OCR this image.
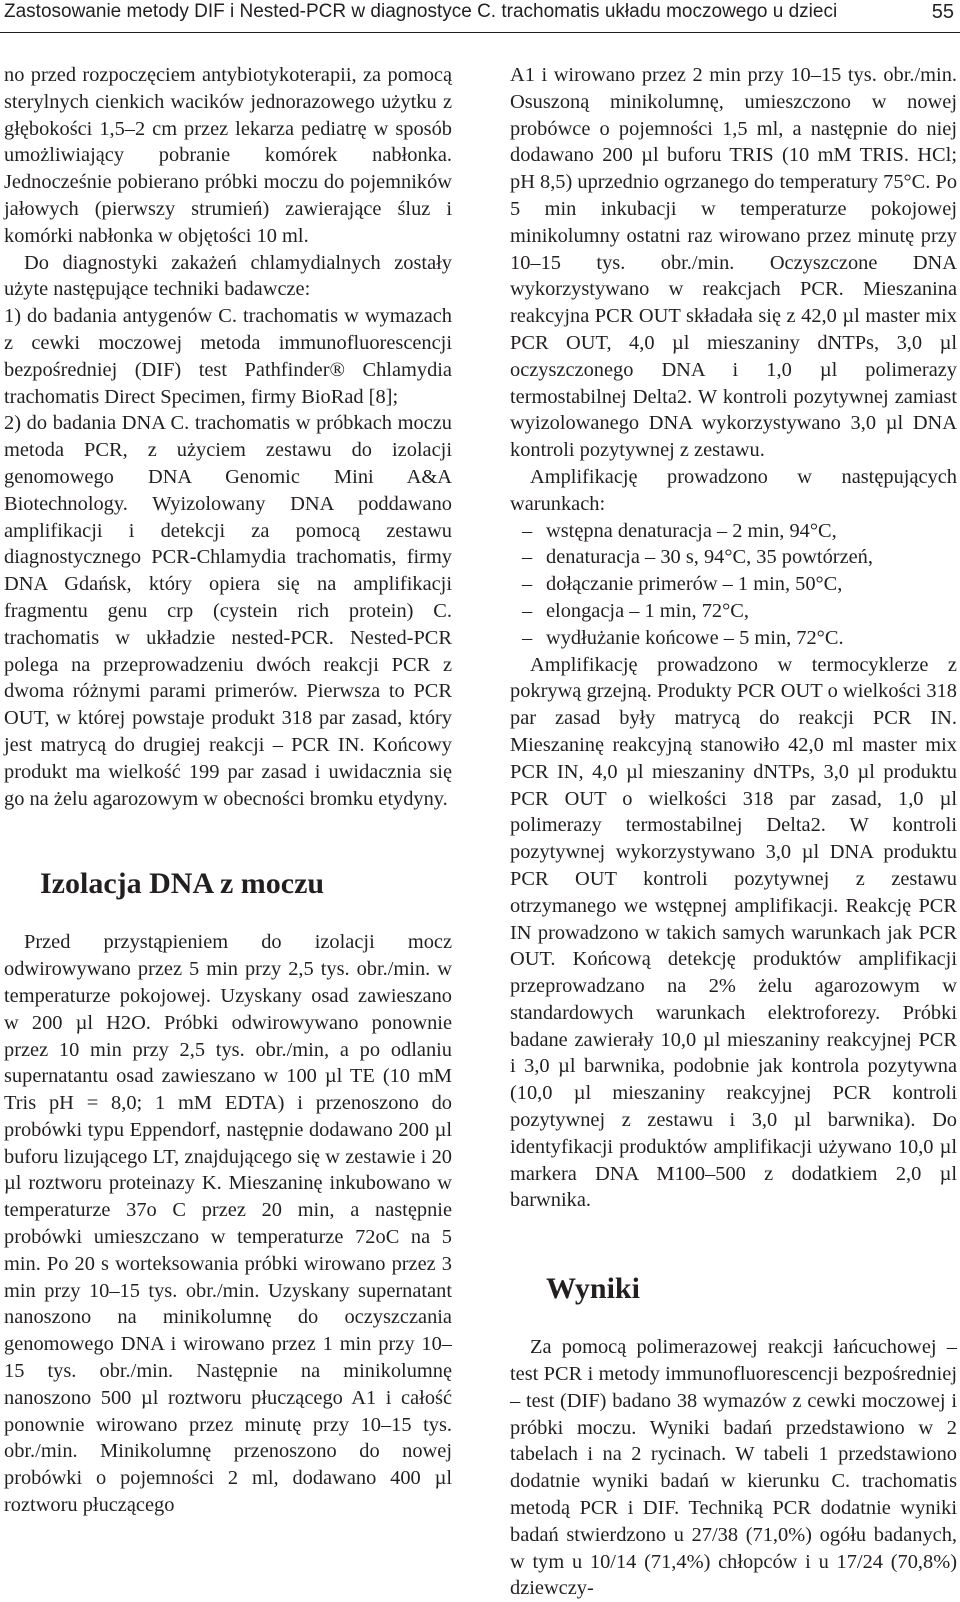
Zastosowanie metody DIF i Nested-PCR w diagnostyce C. trachomatis układu moczowego u dzieci	55

no przed rozpoczęciem antybiotykoterapii, za pomocą sterylnych cienkich wacików jednorazowego użytku z głębokości 1,5–2 cm przez lekarza pediatrę w sposób umożliwiający pobranie komórek nabłonka. Jednocześnie pobierano próbki moczu do pojemników jałowych (pierwszy strumień) zawierające śluz i komórki nabłonka w objętości 10 ml.

Do diagnostyki zakażeń chlamydialnych zostały użyte następujące techniki badawcze:

1) do badania antygenów C. trachomatis w wymazach z cewki moczowej metoda immunofluorescencji bezpośredniej (DIF) test Pathfinder® Chlamydia trachomatis Direct Specimen, firmy BioRad [8];

2) do badania DNA C. trachomatis w próbkach moczu metoda PCR, z użyciem zestawu do izolacji genomowego DNA Genomic Mini A&A Biotechnology. Wyizolowany DNA poddawano amplifikacji i detekcji za pomocą zestawu diagnostycznego PCR-Chlamydia trachomatis, firmy DNA Gdańsk, który opiera się na amplifikacji fragmentu genu crp (cystein rich protein) C. trachomatis w układzie nested-PCR. Nested-PCR polega na przeprowadzeniu dwóch reakcji PCR z dwoma różnymi parami primerów. Pierwsza to PCR OUT, w której powstaje produkt 318 par zasad, który jest matrycą do drugiej reakcji – PCR IN. Końcowy produkt ma wielkość 199 par zasad i uwidacznia się go na żelu agarozowym w obecności bromku etydyny.

Izolacja DNA z moczu

Przed przystąpieniem do izolacji mocz odwirowywano przez 5 min przy 2,5 tys. obr./min. w temperaturze pokojowej. Uzyskany osad zawieszano w 200 µl H2O. Próbki odwirowywano ponownie przez 10 min przy 2,5 tys. obr./min, a po odlaniu supernatantu osad zawieszano w 100 µl TE (10 mM Tris pH = 8,0; 1 mM EDTA) i przenoszono do probówki typu Eppendorf, następnie dodawano 200 µl buforu lizującego LT, znajdującego się w zestawie i 20 µl roztworu proteinazy K. Mieszaninę inkubowano w temperaturze 37o C przez 20 min, a następnie probówki umieszczano w temperaturze 72oC na 5 min. Po 20 s worteksowania próbki wirowano przez 3 min przy 10–15 tys. obr./min. Uzyskany supernatant nanoszono na minikolumnę do oczyszczania genomowego DNA i wirowano przez 1 min przy 10–15 tys. obr./min. Następnie na minikolumnę nanoszono 500 µl roztworu płuczącego A1 i całość ponownie wirowano przez minutę przy 10–15 tys. obr./min. Minikolumnę przenoszono do nowej probówki o pojemności 2 ml, dodawano 400 µl roztworu płuczącego

A1 i wirowano przez 2 min przy 10–15 tys. obr./min. Osuszoną minikolumnę, umieszczono w nowej probówce o pojemności 1,5 ml, a następnie do niej dodawano 200 µl buforu TRIS (10 mM TRIS. HCl; pH 8,5) uprzednio ogrzanego do temperatury 75°C. Po 5 min inkubacji w temperaturze pokojowej minikolumny ostatni raz wirowano przez minutę przy 10–15 tys. obr./min. Oczyszczone DNA wykorzystywano w reakcjach PCR. Mieszanina reakcyjna PCR OUT składała się z 42,0 µl master mix PCR OUT, 4,0 µl mieszaniny dNTPs, 3,0 µl oczyszczonego DNA i 1,0 µl polimerazy termostabilnej Delta2. W kontroli pozytywnej zamiast wyizolowanego DNA wykorzystywano 3,0 µl DNA kontroli pozytywnej z zestawu.

Amplifikację prowadzono w następujących warunkach:

– wstępna denaturacja – 2 min, 94°C,
– denaturacja – 30 s, 94°C, 35 powtórzeń,
– dołączanie primerów – 1 min, 50°C,
– elongacja – 1 min, 72°C,
– wydłużanie końcowe – 5 min, 72°C.

Amplifikację prowadzono w termocyklerze z pokrywą grzejną. Produkty PCR OUT o wielkości 318 par zasad były matrycą do reakcji PCR IN. Mieszaninę reakcyjną stanowiło 42,0 ml master mix PCR IN, 4,0 µl mieszaniny dNTPs, 3,0 µl produktu PCR OUT o wielkości 318 par zasad, 1,0 µl polimerazy termostabilnej Delta2. W kontroli pozytywnej wykorzystywano 3,0 µl DNA produktu PCR OUT kontroli pozytywnej z zestawu otrzymanego we wstępnej amplifikacji. Reakcję PCR IN prowadzono w takich samych warunkach jak PCR OUT. Końcową detekcję produktów amplifikacji przeprowadzano na 2% żelu agarozowym w standardowych warunkach elektroforezy. Próbki badane zawierały 10,0 µl mieszaniny reakcyjnej PCR i 3,0 µl barwnika, podobnie jak kontrola pozytywna (10,0 µl mieszaniny reakcyjnej PCR kontroli pozytywnej z zestawu i 3,0 µl barwnika). Do identyfikacji produktów amplifikacji używano 10,0 µl markera DNA M100–500 z dodatkiem 2,0 µl barwnika.

Wyniki

Za pomocą polimerazowej reakcji łańcuchowej – test PCR i metody immunofluorescencji bezpośredniej – test (DIF) badano 38 wymazów z cewki moczowej i próbki moczu. Wyniki badań przedstawiono w 2 tabelach i na 2 rycinach. W tabeli 1 przedstawiono dodatnie wyniki badań w kierunku C. trachomatis metodą PCR i DIF. Techniką PCR dodatnie wyniki badań stwierdzono u 27/38 (71,0%) ogółu badanych, w tym u 10/14 (71,4%) chłopców i u 17/24 (70,8%) dziewczy-
